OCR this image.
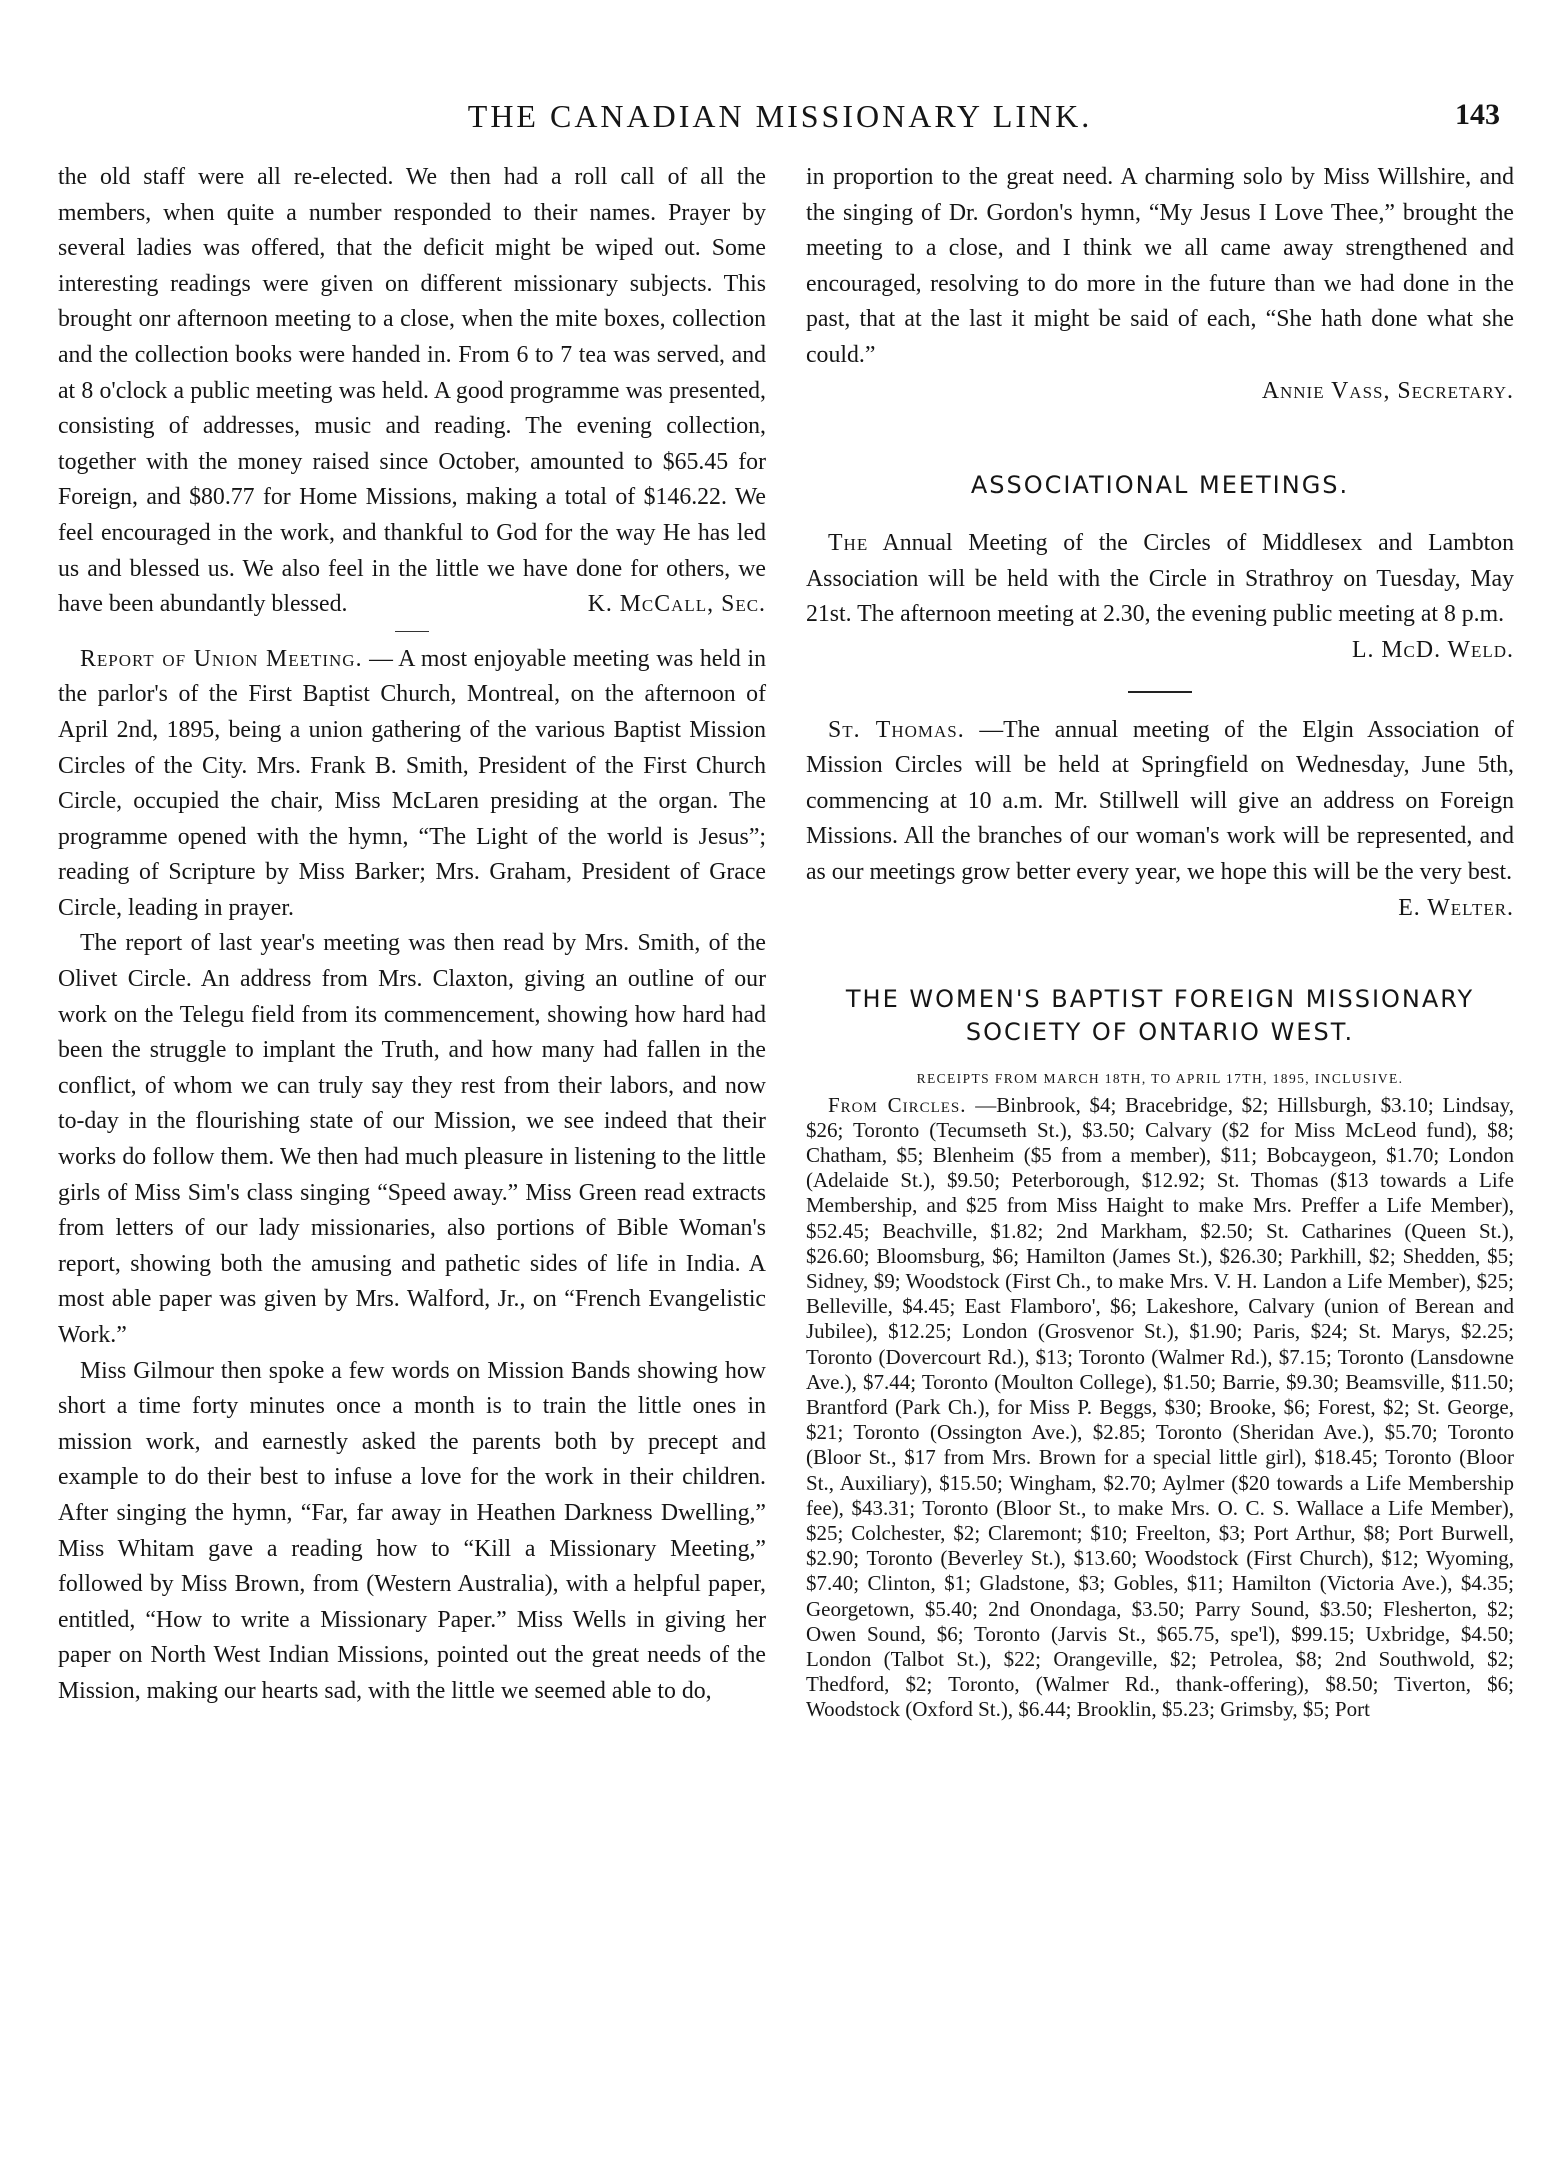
THE CANADIAN MISSIONARY LINK.	143

the old staff were all re-elected. We then had a roll call of all the members, when quite a number responded to their names. Prayer by several ladies was offered, that the deficit might be wiped out. Some interesting readings were given on different missionary subjects. This brought onr afternoon meeting to a close, when the mite boxes, collection and the collection books were handed in. From 6 to 7 tea was served, and at 8 o'clock a public meeting was held. A good programme was presented, consisting of addresses, music and reading. The evening collection, together with the money raised since October, amounted to $65.45 for Foreign, and $80.77 for Home Missions, making a total of $146.22. We feel encouraged in the work, and thankful to God for the way He has led us and blessed us. We also feel in the little we have done for others, we have been abundantly blessed.	K. McCall, Sec.

Report of Union Meeting. — A most enjoyable meeting was held in the parlor's of the First Baptist Church, Montreal, on the afternoon of April 2nd, 1895, being a union gathering of the various Baptist Mission Circles of the City. Mrs. Frank B. Smith, President of the First Church Circle, occupied the chair, Miss McLaren presiding at the organ. The programme opened with the hymn, “The Light of the world is Jesus”; reading of Scripture by Miss Barker; Mrs. Graham, President of Grace Circle, leading in prayer.

The report of last year's meeting was then read by Mrs. Smith, of the Olivet Circle. An address from Mrs. Claxton, giving an outline of our work on the Telegu field from its commencement, showing how hard had been the struggle to implant the Truth, and how many had fallen in the conflict, of whom we can truly say they rest from their labors, and now to-day in the flourishing state of our Mission, we see indeed that their works do follow them. We then had much pleasure in listening to the little girls of Miss Sim's class singing “Speed away.” Miss Green read extracts from letters of our lady missionaries, also portions of Bible Woman's report, showing both the amusing and pathetic sides of life in India. A most able paper was given by Mrs. Walford, Jr., on “French Evangelistic Work.”

Miss Gilmour then spoke a few words on Mission Bands showing how short a time forty minutes once a month is to train the little ones in mission work, and earnestly asked the parents both by precept and example to do their best to infuse a love for the work in their children. After singing the hymn, “Far, far away in Heathen Darkness Dwelling,” Miss Whitam gave a reading how to “Kill a Missionary Meeting,” followed by Miss Brown, from (Western Australia), with a helpful paper, entitled, “How to write a Missionary Paper.” Miss Wells in giving her paper on North West Indian Missions, pointed out the great needs of the Mission, making our hearts sad, with the little we seemed able to do,

in proportion to the great need. A charming solo by Miss Willshire, and the singing of Dr. Gordon's hymn, “My Jesus I Love Thee,” brought the meeting to a close, and I think we all came away strengthened and encouraged, resolving to do more in the future than we had done in the past, that at the last it might be said of each, “She hath done what she could.”

Annie Vass, Secretary.

ASSOCIATIONAL MEETINGS.

The Annual Meeting of the Circles of Middlesex and Lambton Association will be held with the Circle in Strathroy on Tuesday, May 21st. The afternoon meeting at 2.30, the evening public meeting at 8 p.m.

L. McD. Weld.

St. Thomas. —The annual meeting of the Elgin Association of Mission Circles will be held at Springfield on Wednesday, June 5th, commencing at 10 a.m. Mr. Stillwell will give an address on Foreign Missions. All the branches of our woman's work will be represented, and as our meetings grow better every year, we hope this will be the very best.
E. Welter.

THE WOMEN'S BAPTIST FOREIGN MISSIONARY
SOCIETY OF ONTARIO WEST.
RECEIPTS FROM MARCH 18TH, TO APRIL 17TH, 1895, INCLUSIVE.

From Circles. —Binbrook, $4; Bracebridge, $2; Hillsburgh, $3.10; Lindsay, $26; Toronto (Tecumseth St.), $3.50; Calvary ($2 for Miss McLeod fund), $8; Chatham, $5; Blenheim ($5 from a member), $11; Bobcaygeon, $1.70; London (Adelaide St.), $9.50; Peterborough, $12.92; St. Thomas ($13 towards a Life Membership, and $25 from Miss Haight to make Mrs. Preffer a Life Member), $52.45; Beachville, $1.82; 2nd Markham, $2.50; St. Catharines (Queen St.), $26.60; Bloomsburg, $6; Hamilton (James St.), $26.30; Parkhill, $2; Shedden, $5; Sidney, $9; Woodstock (First Ch., to make Mrs. V. H. Landon a Life Member), $25; Belleville, $4.45; East Flamboro', $6; Lakeshore, Calvary (union of Berean and Jubilee), $12.25; London (Grosvenor St.), $1.90; Paris, $24; St. Marys, $2.25; Toronto (Dovercourt Rd.), $13; Toronto (Walmer Rd.), $7.15; Toronto (Lansdowne Ave.), $7.44; Toronto (Moulton College), $1.50; Barrie, $9.30; Beamsville, $11.50; Brantford (Park Ch.), for Miss P. Beggs, $30; Brooke, $6; Forest, $2; St. George, $21; Toronto (Ossington Ave.), $2.85; Toronto (Sheridan Ave.), $5.70; Toronto (Bloor St., $17 from Mrs. Brown for a special little girl), $18.45; Toronto (Bloor St., Auxiliary), $15.50; Wingham, $2.70; Aylmer ($20 towards a Life Membership fee), $43.31; Toronto (Bloor St., to make Mrs. O. C. S. Wallace a Life Member), $25; Colchester, $2; Claremont; $10; Freelton, $3; Port Arthur, $8; Port Burwell, $2.90; Toronto (Beverley St.), $13.60; Woodstock (First Church), $12; Wyoming, $7.40; Clinton, $1; Gladstone, $3; Gobles, $11; Hamilton (Victoria Ave.), $4.35; Georgetown, $5.40; 2nd Onondaga, $3.50; Parry Sound, $3.50; Flesherton, $2; Owen Sound, $6; Toronto (Jarvis St., $65.75, spe'l), $99.15; Uxbridge, $4.50; London (Talbot St.), $22; Orangeville, $2; Petrolea, $8; 2nd Southwold, $2; Thedford, $2; Toronto, (Walmer Rd., thank-offering), $8.50; Tiverton, $6; Woodstock (Oxford St.), $6.44; Brooklin, $5.23; Grimsby, $5; Port
